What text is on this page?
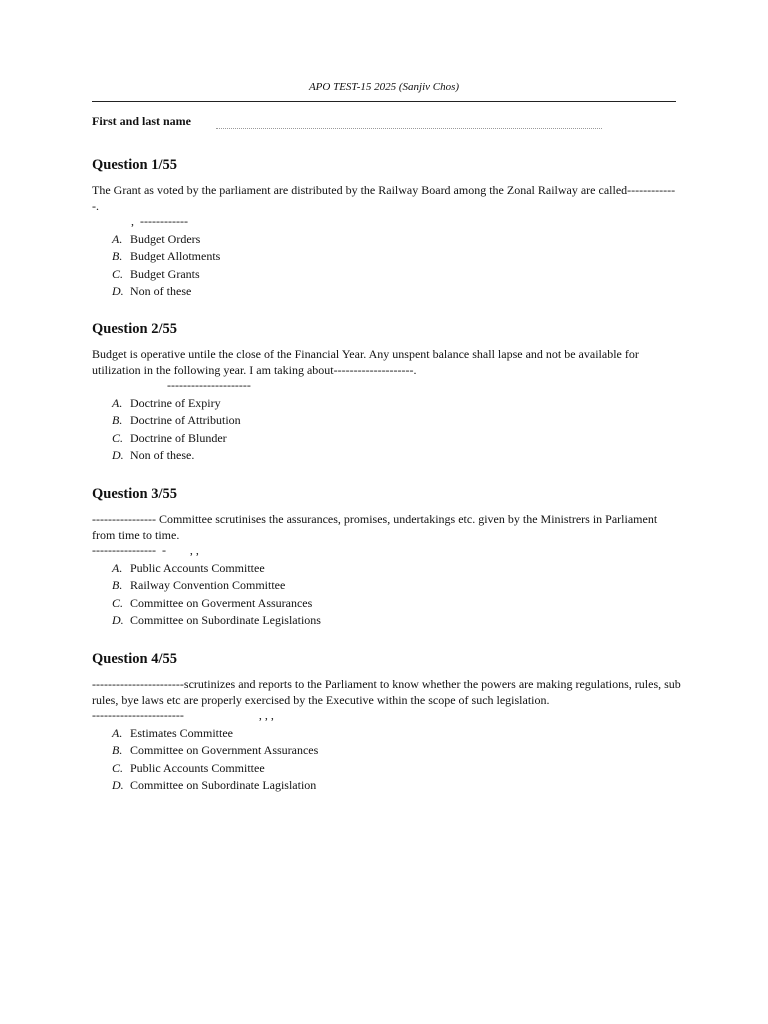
APO TEST-15 2025 (Sanjiv Chos)
First and last name
Question 1/55

The Grant as voted by the parliament are distributed by the Railway Board among the Zonal Railway are called-------------.

,  ------------

A. Budget Orders
B. Budget Allotments
C. Budget Grants
D. Non of these
Question 2/55

Budget is operative untile the close of the Financial Year. Any unspent balance shall lapse and not be available for utilization in the following year. I am taking about--------------------.

---------------------

A. Doctrine of Expiry
B. Doctrine of Attribution
C. Doctrine of Blunder
D. Non of these.
Question 3/55

---------------- Committee scrutinises the assurances, promises, undertakings etc. given by the Ministrers in Parliament from time to time.

----------------  -        , ,

A. Public Accounts Committee
B. Railway Convention Committee
C. Committee on Goverment Assurances
D. Committee on Subordinate Legislations
Question 4/55

-----------------------scrutinizes and reports to the Parliament to know whether the powers are making regulations, rules, sub rules, bye laws etc are properly exercised by the Executive within the scope of such legislation.

-----------------------                         , , ,

A. Estimates Committee
B. Committee on Government Assurances
C. Public Accounts Committee
D. Committee on Subordinate Lagislation
